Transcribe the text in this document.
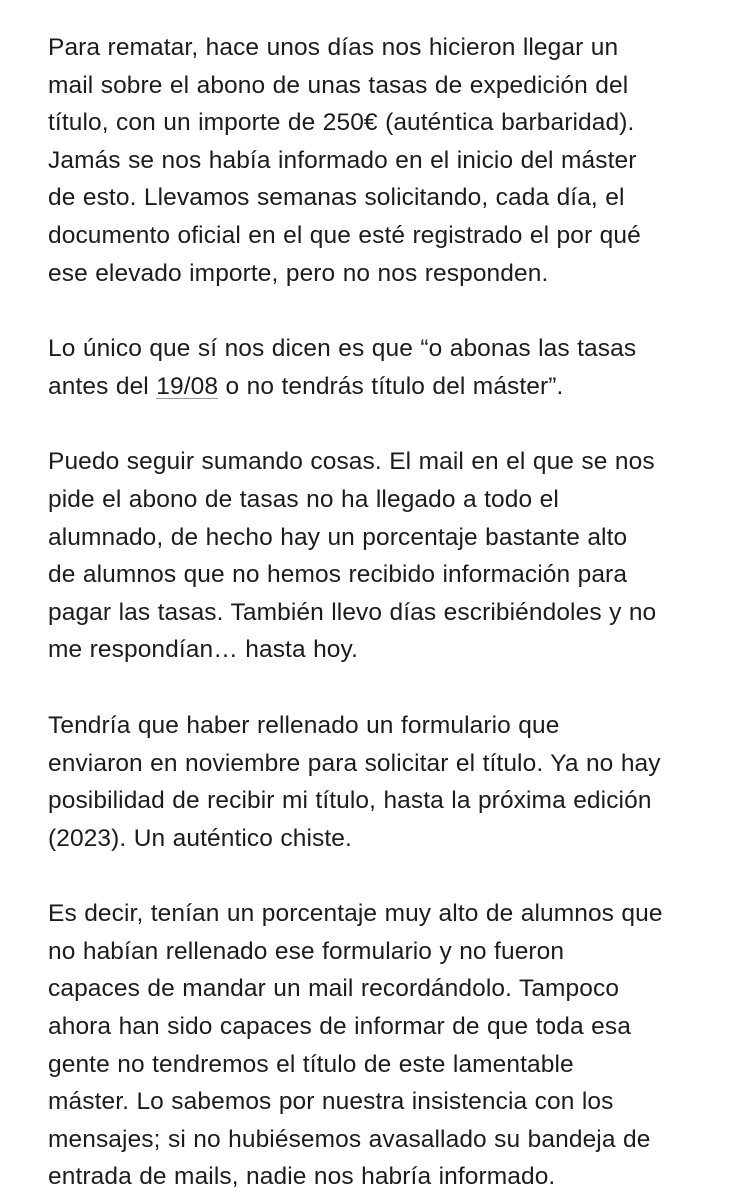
Para rematar, hace unos días nos hicieron llegar un
mail sobre el abono de unas tasas de expedición del
título, con un importe de 250€ (auténtica barbaridad).
Jamás se nos había informado en el inicio del máster
de esto. Llevamos semanas solicitando, cada día, el
documento oficial en el que esté registrado el por qué
ese elevado importe, pero no nos responden.
Lo único que sí nos dicen es que “o abonas las tasas
antes del 19/08 o no tendrás título del máster”.
Puedo seguir sumando cosas. El mail en el que se nos
pide el abono de tasas no ha llegado a todo el
alumnado, de hecho hay un porcentaje bastante alto
de alumnos que no hemos recibido información para
pagar las tasas. También llevo días escribiéndoles y no
me respondían… hasta hoy.
Tendría que haber rellenado un formulario que
enviaron en noviembre para solicitar el título. Ya no hay
posibilidad de recibir mi título, hasta la próxima edición
(2023). Un auténtico chiste.
Es decir, tenían un porcentaje muy alto de alumnos que
no habían rellenado ese formulario y no fueron
capaces de mandar un mail recordándolo. Tampoco
ahora han sido capaces de informar de que toda esa
gente no tendremos el título de este lamentable
máster. Lo sabemos por nuestra insistencia con los
mensajes; si no hubiésemos avasallado su bandeja de
entrada de mails, nadie nos habría informado.
